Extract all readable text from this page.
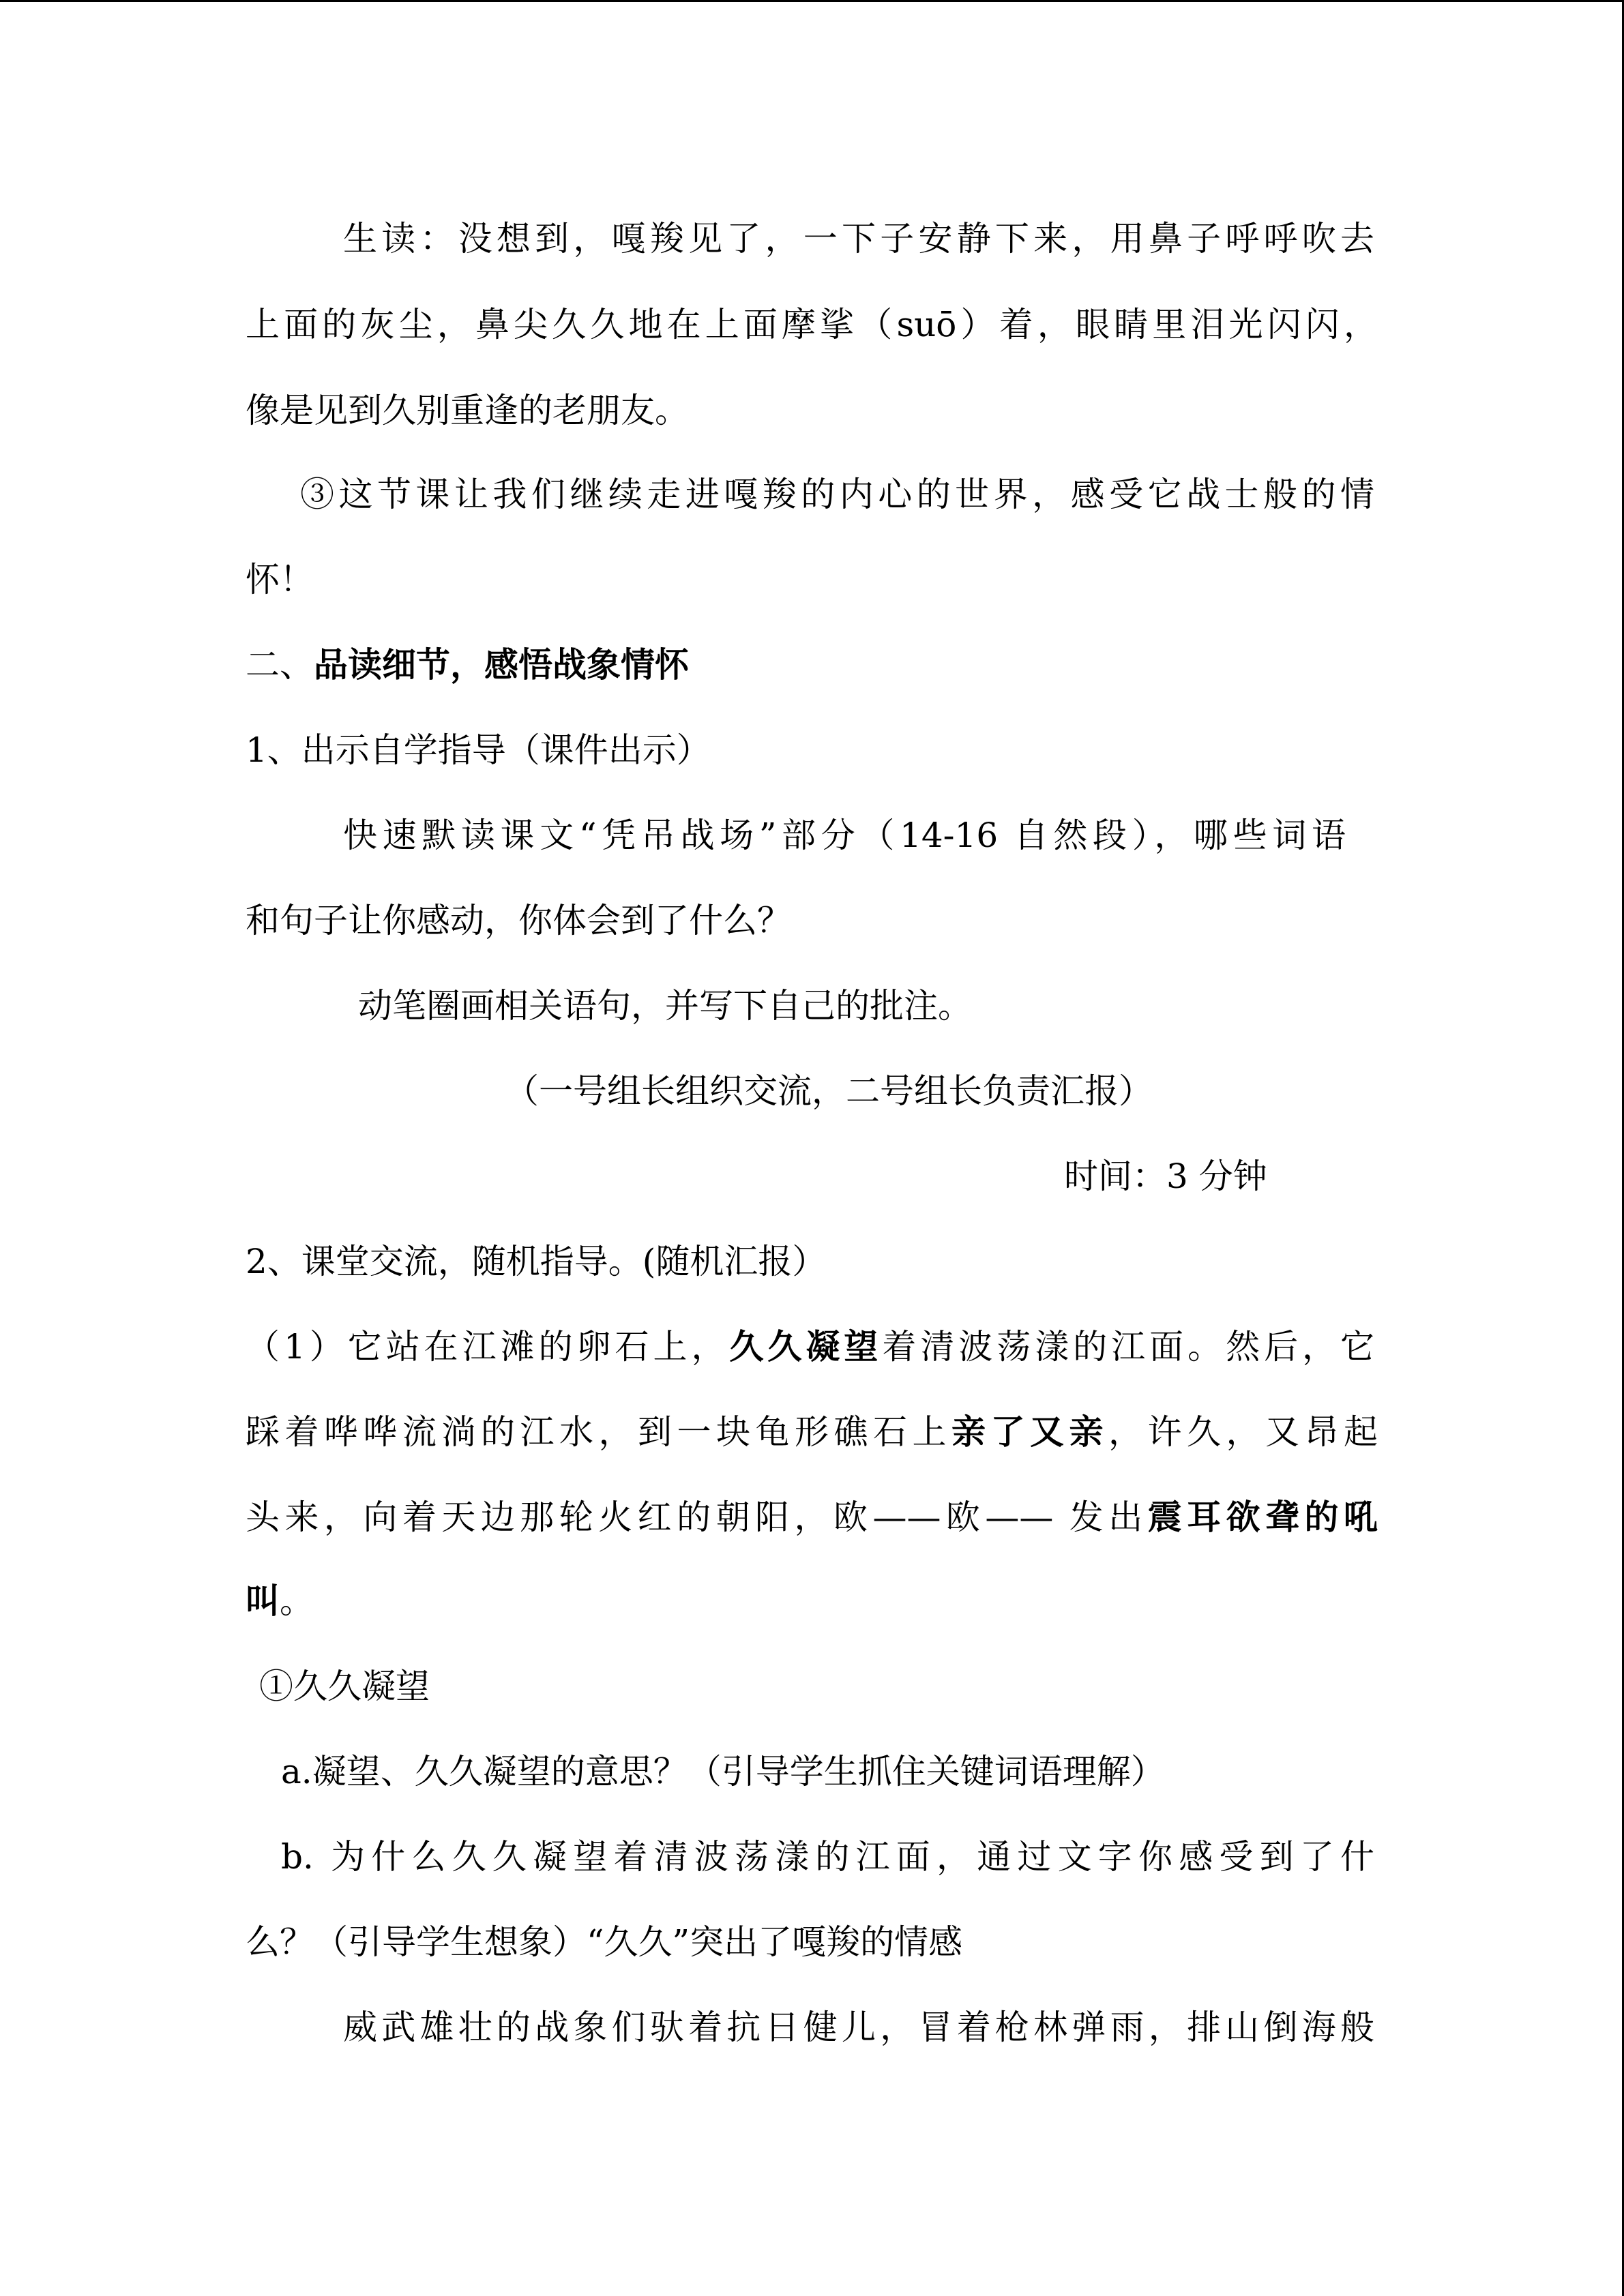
生读：没想到，嘎羧见了，一下子安静下来，用鼻子呼呼吹去
上面的灰尘，鼻尖久久地在上面摩挲（suō）着，眼睛里泪光闪闪，
像是见到久别重逢的老朋友。
③这节课让我们继续走进嘎羧的内心的世界，感受它战士般的情
怀！
二、品读细节，感悟战象情怀
1、出示自学指导（课件出示）
快速默读课文“凭吊战场”部分（14-16 自然段），哪些词语
和句子让你感动，你体会到了什么？
动笔圈画相关语句，并写下自己的批注。
（一号组长组织交流，二号组长负责汇报）
时间：3 分钟
2、课堂交流，随机指导。(随机汇报）
（1）它站在江滩的卵石上，久久凝望着清波荡漾的江面。然后，它
踩着哗哗流淌的江水，到一块龟形礁石上亲了又亲，许久，又昂起
头来，向着天边那轮火红的朝阳，欧——欧—— 发出震耳欲聋的吼
叫。
①久久凝望
a.凝望、久久凝望的意思？（引导学生抓住关键词语理解）
b. 为什么久久凝望着清波荡漾的江面，通过文字你感受到了什
么？（引导学生想象）“久久”突出了嘎羧的情感
威武雄壮的战象们驮着抗日健儿，冒着枪林弹雨，排山倒海般
